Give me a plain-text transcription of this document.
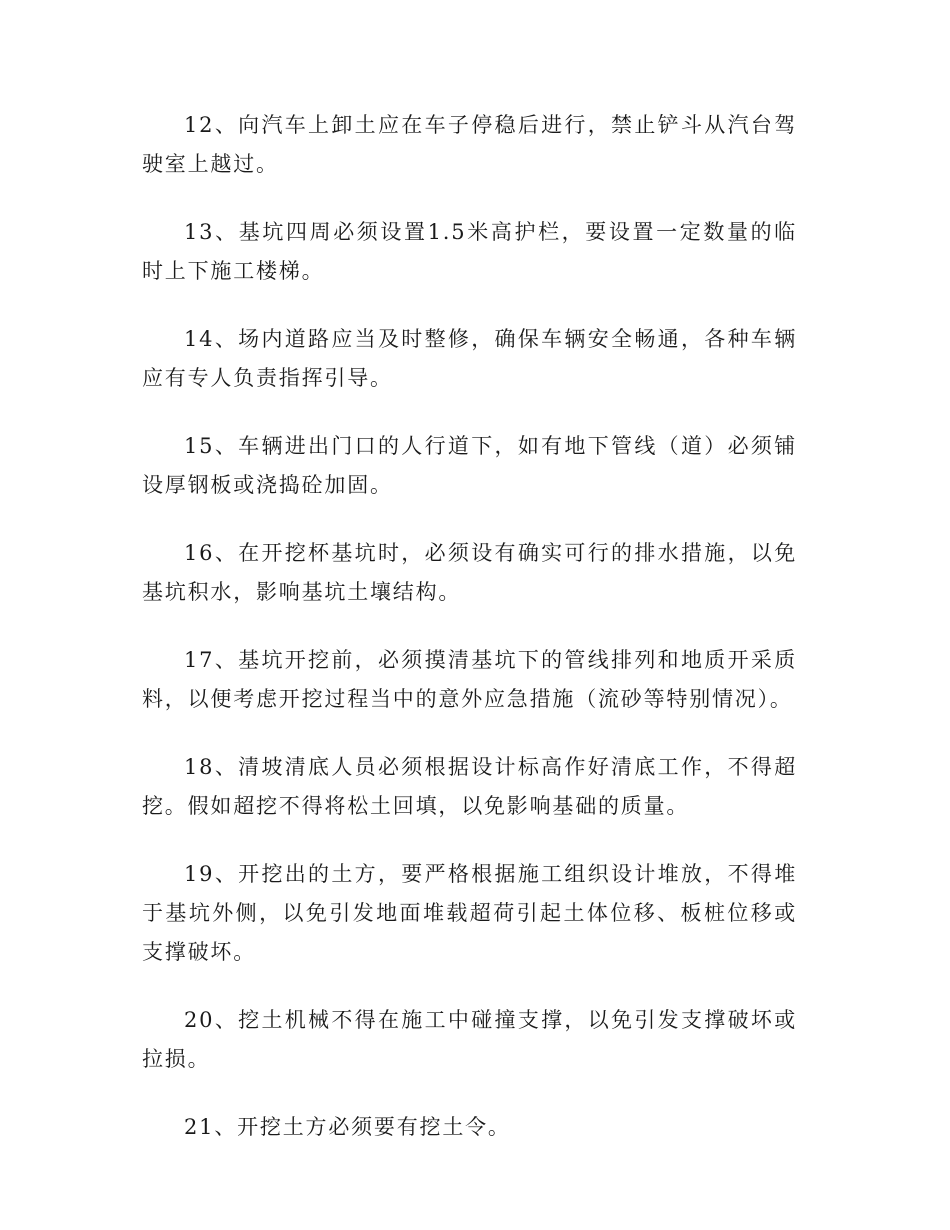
12、向汽车上卸土应在车子停稳后进行，禁止铲斗从汽台驾驶室上越过。

13、基坑四周必须设置1.5米高护栏，要设置一定数量的临时上下施工楼梯。

14、场内道路应当及时整修，确保车辆安全畅通，各种车辆应有专人负责指挥引导。

15、车辆进出门口的人行道下，如有地下管线（道）必须铺设厚钢板或浇捣砼加固。

16、在开挖杯基坑时，必须设有确实可行的排水措施，以免基坑积水，影响基坑土壤结构。

17、基坑开挖前，必须摸清基坑下的管线排列和地质开采质料，以便考虑开挖过程当中的意外应急措施（流砂等特别情况）。

18、清坡清底人员必须根据设计标高作好清底工作，不得超挖。假如超挖不得将松土回填，以免影响基础的质量。

19、开挖出的土方，要严格根据施工组织设计堆放，不得堆于基坑外侧，以免引发地面堆载超荷引起土体位移、板桩位移或支撑破坏。

20、挖土机械不得在施工中碰撞支撑，以免引发支撑破坏或拉损。

21、开挖土方必须要有挖土令。
